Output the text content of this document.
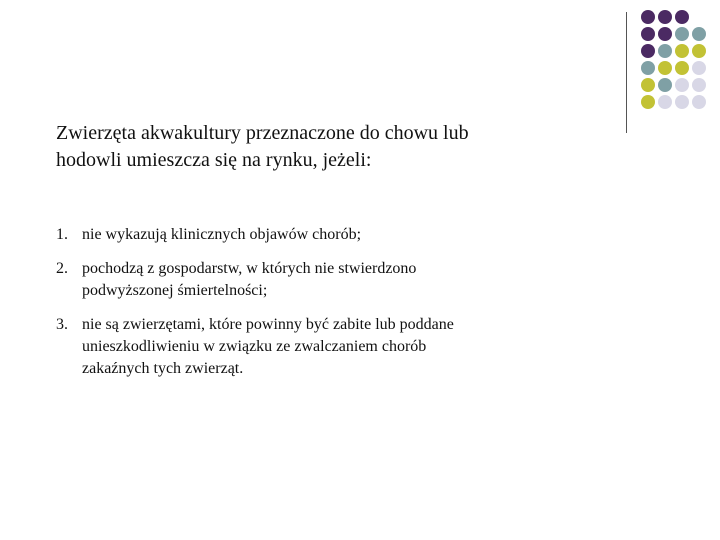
Zwierzęta akwakultury przeznaczone do chowu lub
hodowli umieszcza się na rynku, jeżeli:
1. nie wykazują klinicznych objawów chorób;
2. pochodzą z gospodarstw, w których nie stwierdzono
podwyższonej śmiertelności;
3. nie są zwierzętami, które powinny być zabite lub poddane
unieszkodliwieniu w związku ze zwalczaniem chorób
zakaźnych tych zwierząt.
